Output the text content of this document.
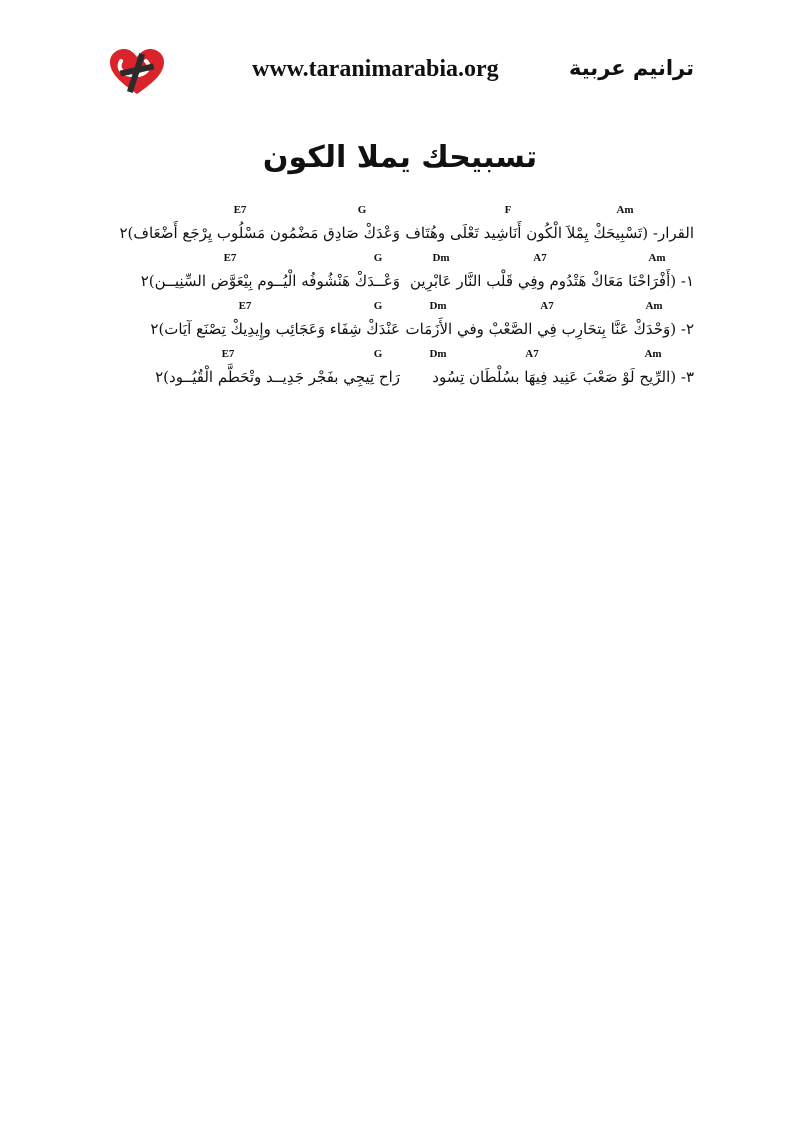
www.taranimarabia.org	ترانيم عربية
تسبيحك يملا الكون
Am
F
G
E7
القرار- (تَسْبِيحَكْ يِمْلاَ الْكُون أَنَاشِيد تَعْلَى وهُتَاف
وَعْدَكْ صَادِق مَضْمُون مَسْلُوب يِرْجَع أَضْعَاف)٢
Am
A7
Dm
G
E7
١- (أَفْرَاحْنَا مَعَاكْ هَتْدُوم وفِي قَلْب النَّار عَابْرِين
وَعْــدَكْ هَنْشُوفُه الْيُــوم بِيْعَوَّض السِّنِيــن)٢
Am
A7
Dm
G
E7
٢- (وَحْدَكْ عَنَّا بِتحَارِب فِي الصَّعْبْ وفي الأَزَمَات
عَنْدَكْ شِفَاء وَعَجَائِب وإِيدِيكْ تِصْنَع آيَات)٢
Am
A7
Dm
G
E7
٣- (الرِّيح لَوْ صَعْبَ عَنِيد فِيهَا بسُلْطَان تِسُود
رَاح تِيجِي بفَجْر جَدِيــد وتْحَطَّم الْقُيُــود)٢
